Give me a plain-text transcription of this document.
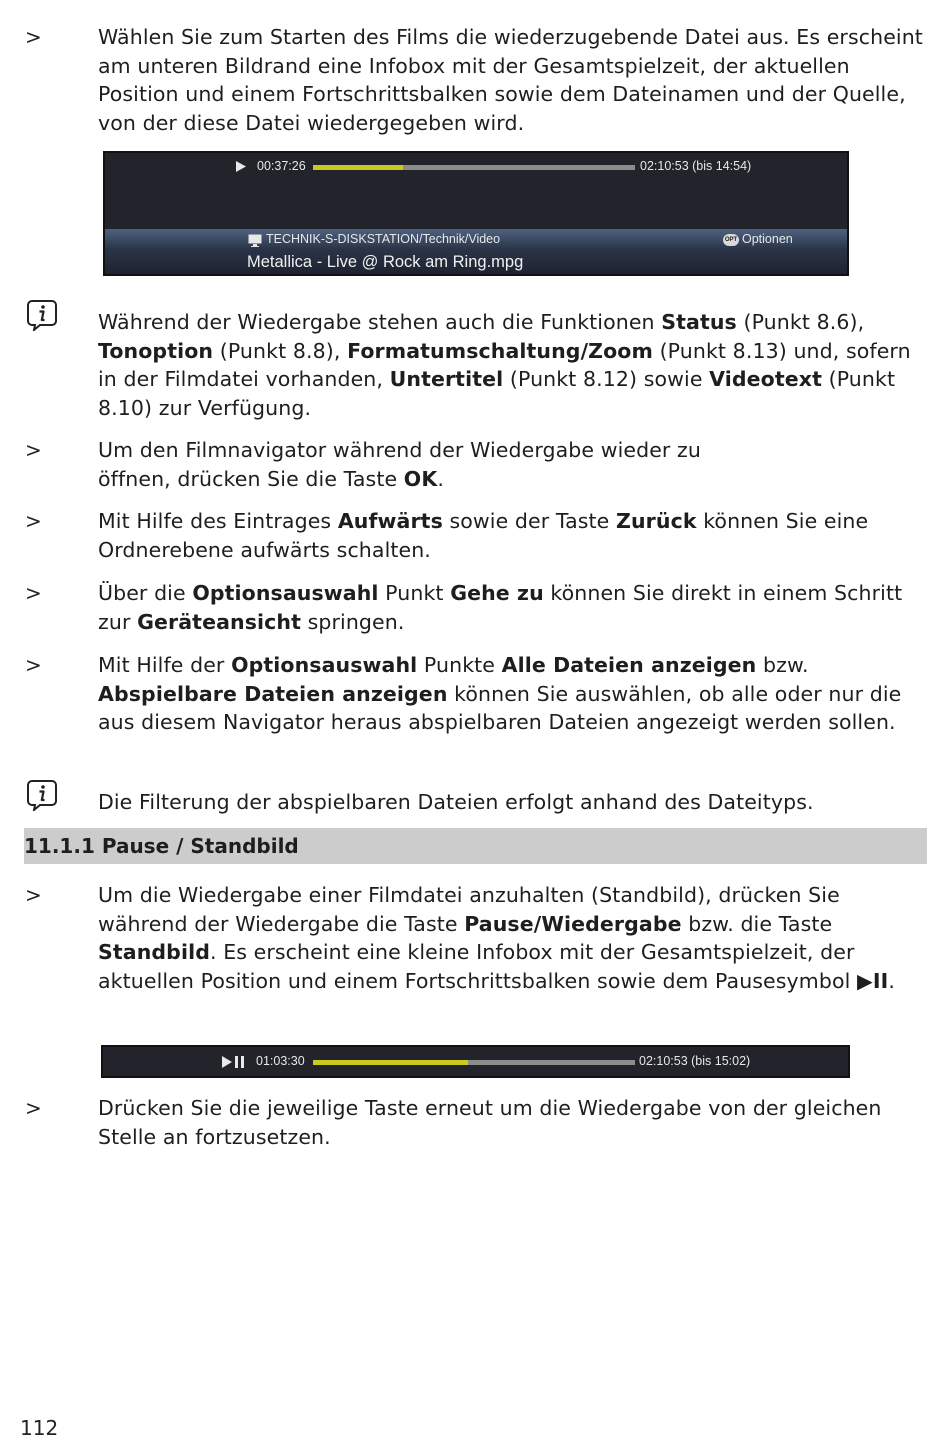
>	Wählen Sie zum Starten des Films die wiederzugebende Datei aus. Es erscheint am unteren Bildrand eine Infobox mit der Gesamtspielzeit, der aktuellen Position und einem Fortschrittsbalken sowie dem Dateinamen und der Quelle, von der diese Datei wiedergegeben wird.
00:37:26	02:10:53 (bis 14:54)
TECHNIK-S-DISKSTATION/Technik/Video	OPT Optionen
Metallica - Live @ Rock am Ring.mpg
Während der Wiedergabe stehen auch die Funktionen Status (Punkt 8.6), Tonoption (Punkt 8.8), Formatumschaltung/Zoom (Punkt 8.13) und, sofern in der Filmdatei vorhanden, Untertitel (Punkt 8.12) sowie Videotext (Punkt 8.10) zur Verfügung.
>	Um den Filmnavigator während der Wiedergabe wieder zu öffnen, drücken Sie die Taste OK.
>	Mit Hilfe des Eintrages Aufwärts sowie der Taste Zurück können Sie eine Ordnerebene aufwärts schalten.
>	Über die Optionsauswahl Punkt Gehe zu können Sie direkt in einem Schritt zur Geräteansicht springen.
>	Mit Hilfe der Optionsauswahl Punkte Alle Dateien anzeigen bzw. Abspielbare Dateien anzeigen können Sie auswählen, ob alle oder nur die aus diesem Navigator heraus abspielbaren Dateien angezeigt werden sollen.
Die Filterung der abspielbaren Dateien erfolgt anhand des Dateityps.
11.1.1 Pause / Standbild
>	Um die Wiedergabe einer Filmdatei anzuhalten (Standbild), drücken Sie während der Wiedergabe die Taste Pause/Wiedergabe bzw. die Taste Standbild. Es erscheint eine kleine Infobox mit der Gesamtspielzeit, der aktuellen Position und einem Fortschrittsbalken sowie dem Pausesymbol ▶II.
01:03:30	02:10:53 (bis 15:02)
>	Drücken Sie die jeweilige Taste erneut um die Wiedergabe von der gleichen Stelle an fortzusetzen.
112
